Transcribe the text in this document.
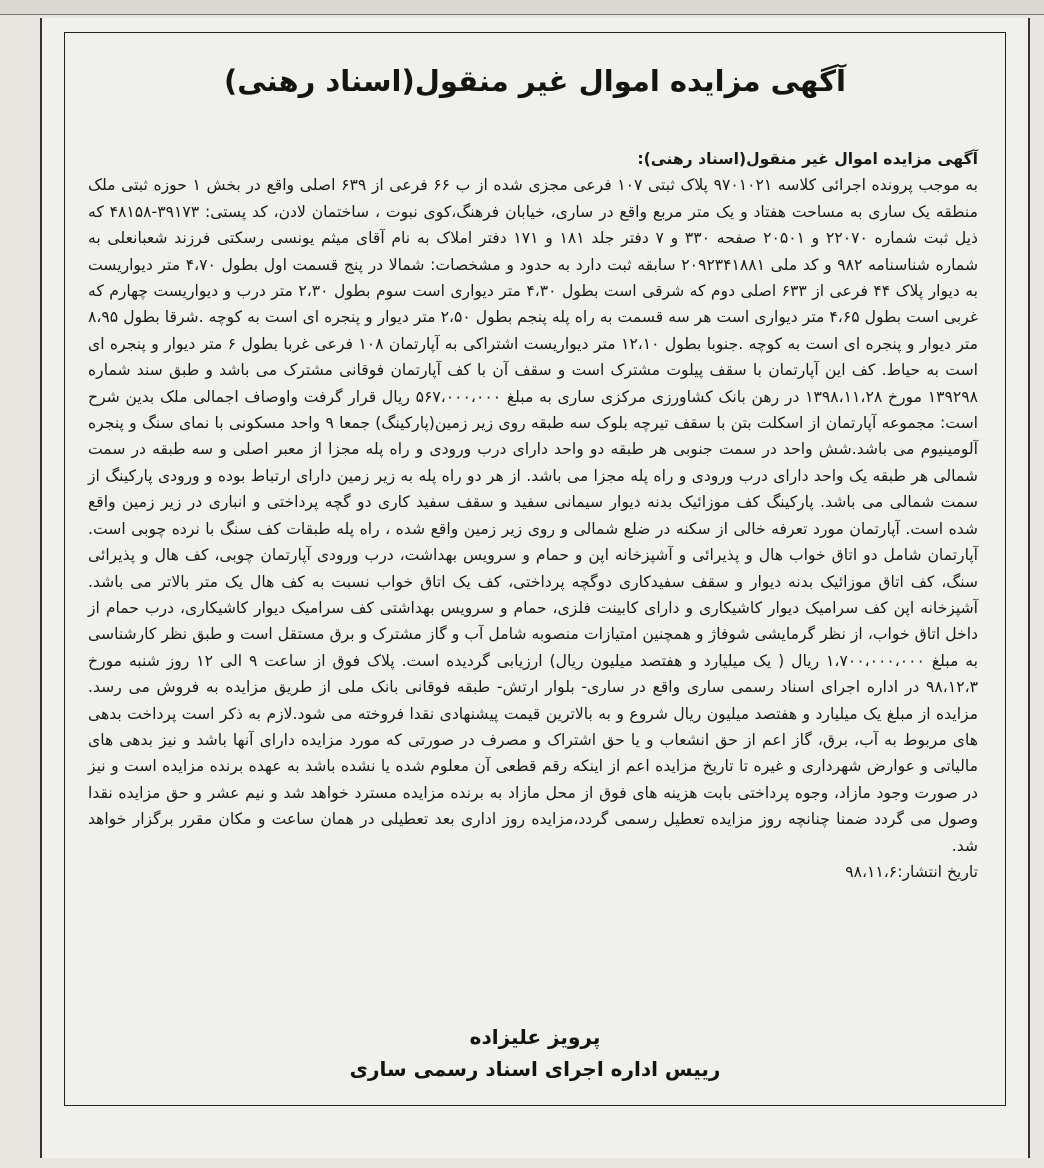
آگهی مزایده اموال غیر منقول(اسناد رهنی)

آگهی مزایده اموال غیر منقول(اسناد رهنی):

به موجب پرونده اجرائی کلاسه ۹۷۰۱۰۲۱ پلاک ثبتی ۱۰۷ فرعی مجزی شده از ب ۶۶ فرعی از ۶۳۹ اصلی واقع در بخش ۱ حوزه ثبتی ملک منطقه یک ساری به مساحت هفتاد و یک متر مربع واقع در ساری، خیابان فرهنگ،کوی نبوت ، ساختمان لادن، کد پستی: ۳۹۱۷۳-۴۸۱۵۸ که ذیل ثبت شماره ۲۲۰۷۰ و ۲۰۵۰۱ صفحه ۳۳۰ و ۷ دفتر جلد ۱۸۱ و ۱۷۱ دفتر املاک به نام آقای میثم یونسی رسکتی فرزند شعبانعلی به شماره شناسنامه ۹۸۲ و کد ملی ۲۰۹۲۳۴۱۸۸۱ سابقه ثبت دارد به حدود و مشخصات: شمالا در پنج قسمت اول بطول ۴،۷۰ متر دیواریست به دیوار پلاک ۴۴ فرعی از ۶۳۳ اصلی دوم که شرقی است بطول ۴،۳۰ متر دیواری است سوم بطول ۲،۳۰ متر درب و دیواریست چهارم که غربی است بطول ۴،۶۵ متر دیواری است هر سه قسمت به راه پله پنجم بطول ۲،۵۰ متر دیوار و پنجره ای است به کوچه .شرقا بطول ۸،۹۵ متر دیوار و پنجره ای است به کوچه .جنوبا بطول ۱۲،۱۰ متر دیواریست اشتراکی به آپارتمان ۱۰۸ فرعی غربا بطول ۶ متر دیوار و پنجره ای است به حیاط. کف این آپارتمان با سقف پیلوت مشترک است و سقف آن با کف آپارتمان فوقانی مشترک می باشد و طبق سند شماره ۱۳۹۲۹۸ مورخ ۱۳۹۸،۱۱،۲۸ در رهن بانک کشاورزی مرکزی ساری به مبلغ ۵۶۷،۰۰۰،۰۰۰ ریال قرار گرفت واوصاف اجمالی ملک بدین شرح است: مجموعه آپارتمان از اسکلت بتن با سقف تیرچه بلوک سه طبقه روی زیر زمین(پارکینگ) جمعا ۹ واحد مسکونی با نمای سنگ و پنجره آلومینیوم می باشد.شش واحد در سمت جنوبی هر طبقه دو واحد دارای درب ورودی و راه پله مجزا از معبر اصلی و سه طبقه در سمت شمالی هر طبقه یک واحد دارای درب ورودی و راه پله مجزا می باشد. از هر دو راه پله به زیر زمین دارای ارتباط بوده و ورودی پارکینگ از سمت شمالی می باشد. پارکینگ کف موزائیک بدنه دیوار سیمانی سفید و سقف سفید کاری دو گچه پرداختی و انباری در زیر زمین واقع شده است. آپارتمان مورد تعرفه خالی از سکنه در ضلع شمالی و روی زیر زمین واقع شده ، راه پله طبقات کف سنگ با نرده چوبی است. آپارتمان شامل دو اتاق خواب هال و پذیرائی و آشپزخانه اپن و حمام و سرویس بهداشت، درب ورودی آپارتمان چوبی، کف هال و پذیرائی سنگ، کف اتاق موزائیک بدنه دیوار و سقف سفیدکاری دوگچه پرداختی، کف یک اتاق خواب نسبت به کف هال یک متر بالاتر می باشد. آشپزخانه اپن کف سرامیک دیوار کاشیکاری و دارای کابینت فلزی، حمام و سرویس بهداشتی کف سرامیک دیوار کاشیکاری، درب حمام از داخل اتاق خواب، از نظر گرمایشی شوفاژ و همچنین امتیازات منصوبه شامل آب و گاز مشترک و برق مستقل است و طبق نظر کارشناسی به مبلغ ۱،۷۰۰،۰۰۰،۰۰۰ ریال ( یک میلیارد و هفتصد میلیون ریال) ارزیابی گردیده است. پلاک فوق از ساعت ۹ الی ۱۲ روز شنبه مورخ ۹۸،۱۲،۳ در اداره اجرای اسناد رسمی ساری واقع در ساری- بلوار ارتش- طبقه فوقانی بانک ملی از طریق مزایده به فروش می رسد. مزایده از مبلغ یک میلیارد و هفتصد میلیون ریال شروع و به بالاترین قیمت پیشنهادی نقدا فروخته می شود.لازم به ذکر است پرداخت بدهی های مربوط به آب، برق، گاز اعم از حق انشعاب و یا حق اشتراک و مصرف در صورتی که مورد مزایده دارای آنها باشد و نیز بدهی های مالیاتی و عوارض شهرداری و غیره تا تاریخ مزایده اعم از اینکه رقم قطعی آن معلوم شده یا نشده باشد به عهده برنده مزایده است و نیز در صورت وجود مازاد، وجوه پرداختی بابت هزینه های فوق از محل مازاد به برنده مزایده مسترد خواهد شد و نیم عشر و حق مزایده نقدا وصول می گردد ضمنا چنانچه روز مزایده تعطیل رسمی گردد،مزایده روز اداری بعد تعطیلی در همان ساعت و مکان مقرر برگزار خواهد شد.

تاریخ انتشار:۹۸،۱۱،۶

پرویز علیزاده
رییس اداره اجرای اسناد رسمی ساری
